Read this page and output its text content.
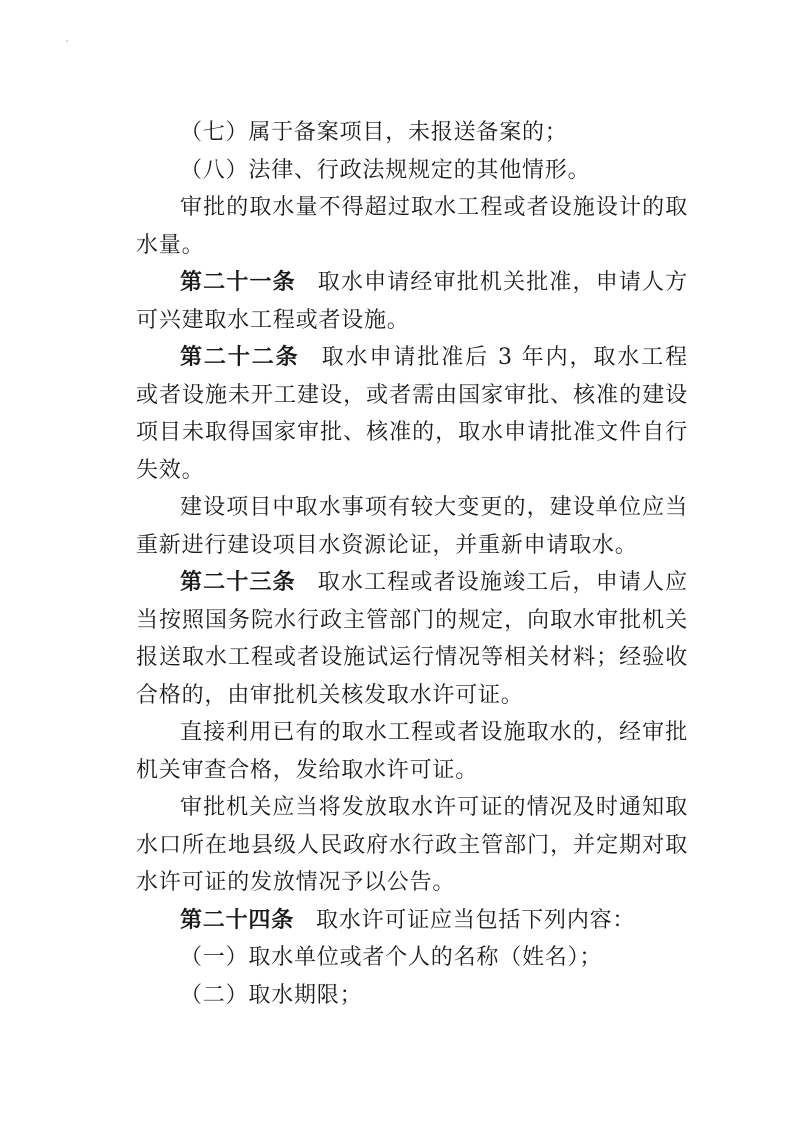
（七）属于备案项目，未报送备案的；

（八）法律、行政法规规定的其他情形。

审批的取水量不得超过取水工程或者设施设计的取水量。

第二十一条 取水申请经审批机关批准，申请人方可兴建取水工程或者设施。

第二十二条 取水申请批准后 3 年内，取水工程或者设施未开工建设，或者需由国家审批、核准的建设项目未取得国家审批、核准的，取水申请批准文件自行失效。

建设项目中取水事项有较大变更的，建设单位应当重新进行建设项目水资源论证，并重新申请取水。

第二十三条 取水工程或者设施竣工后，申请人应当按照国务院水行政主管部门的规定，向取水审批机关报送取水工程或者设施试运行情况等相关材料；经验收合格的，由审批机关核发取水许可证。

直接利用已有的取水工程或者设施取水的，经审批机关审查合格，发给取水许可证。

审批机关应当将发放取水许可证的情况及时通知取水口所在地县级人民政府水行政主管部门，并定期对取水许可证的发放情况予以公告。

第二十四条 取水许可证应当包括下列内容：

（一）取水单位或者个人的名称（姓名）；

（二）取水期限；
